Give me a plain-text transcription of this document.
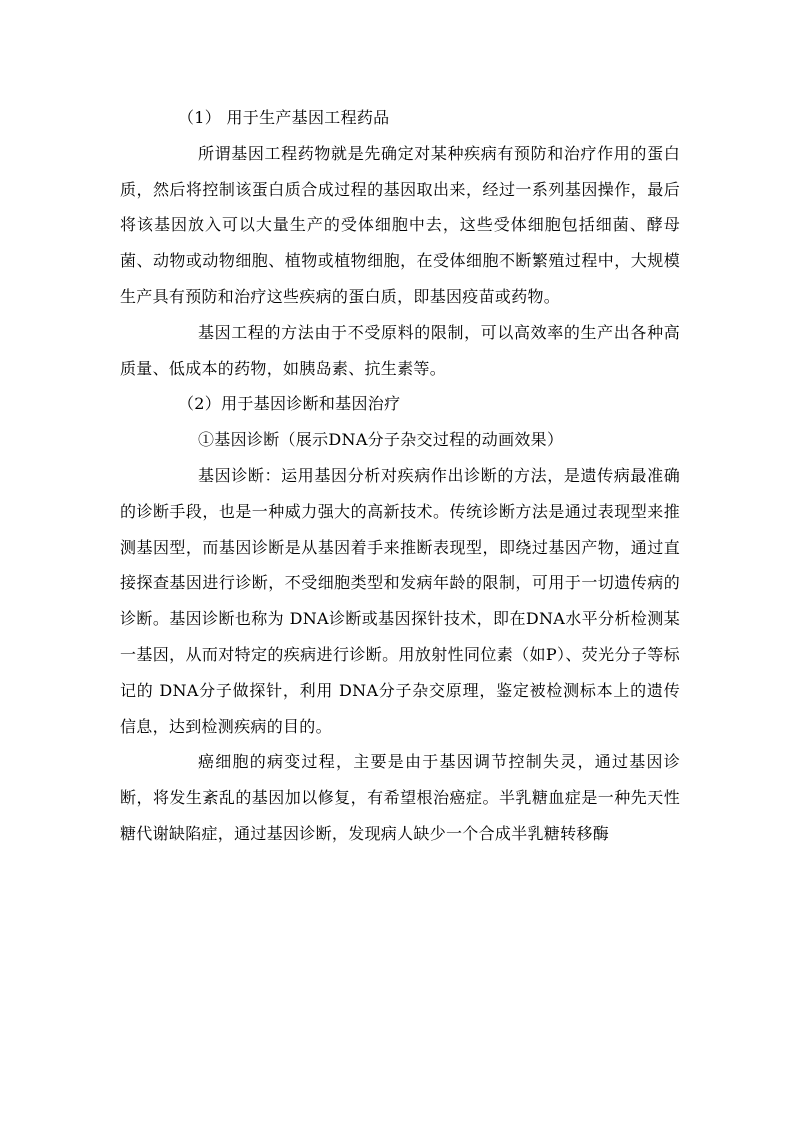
（1） 用于生产基因工程药品

所谓基因工程药物就是先确定对某种疾病有预防和治疗作用的蛋白质，然后将控制该蛋白质合成过程的基因取出来，经过一系列基因操作，最后将该基因放入可以大量生产的受体细胞中去，这些受体细胞包括细菌、酵母菌、动物或动物细胞、植物或植物细胞，在受体细胞不断繁殖过程中，大规模生产具有预防和治疗这些疾病的蛋白质，即基因疫苗或药物。

基因工程的方法由于不受原料的限制，可以高效率的生产出各种高质量、低成本的药物，如胰岛素、抗生素等。

（2）用于基因诊断和基因治疗

①基因诊断（展示DNA分子杂交过程的动画效果）

基因诊断：运用基因分析对疾病作出诊断的方法，是遗传病最准确的诊断手段，也是一种威力强大的高新技术。传统诊断方法是通过表现型来推测基因型，而基因诊断是从基因着手来推断表现型，即绕过基因产物，通过直接探查基因进行诊断，不受细胞类型和发病年龄的限制，可用于一切遗传病的诊断。基因诊断也称为 DNA诊断或基因探针技术，即在DNA水平分析检测某一基因，从而对特定的疾病进行诊断。用放射性同位素（如P）、荧光分子等标记的 DNA分子做探针，利用 DNA分子杂交原理，鉴定被检测标本上的遗传信息，达到检测疾病的目的。

癌细胞的病变过程，主要是由于基因调节控制失灵，通过基因诊断，将发生紊乱的基因加以修复，有希望根治癌症。半乳糖血症是一种先天性糖代谢缺陷症，通过基因诊断，发现病人缺少一个合成半乳糖转移酶
